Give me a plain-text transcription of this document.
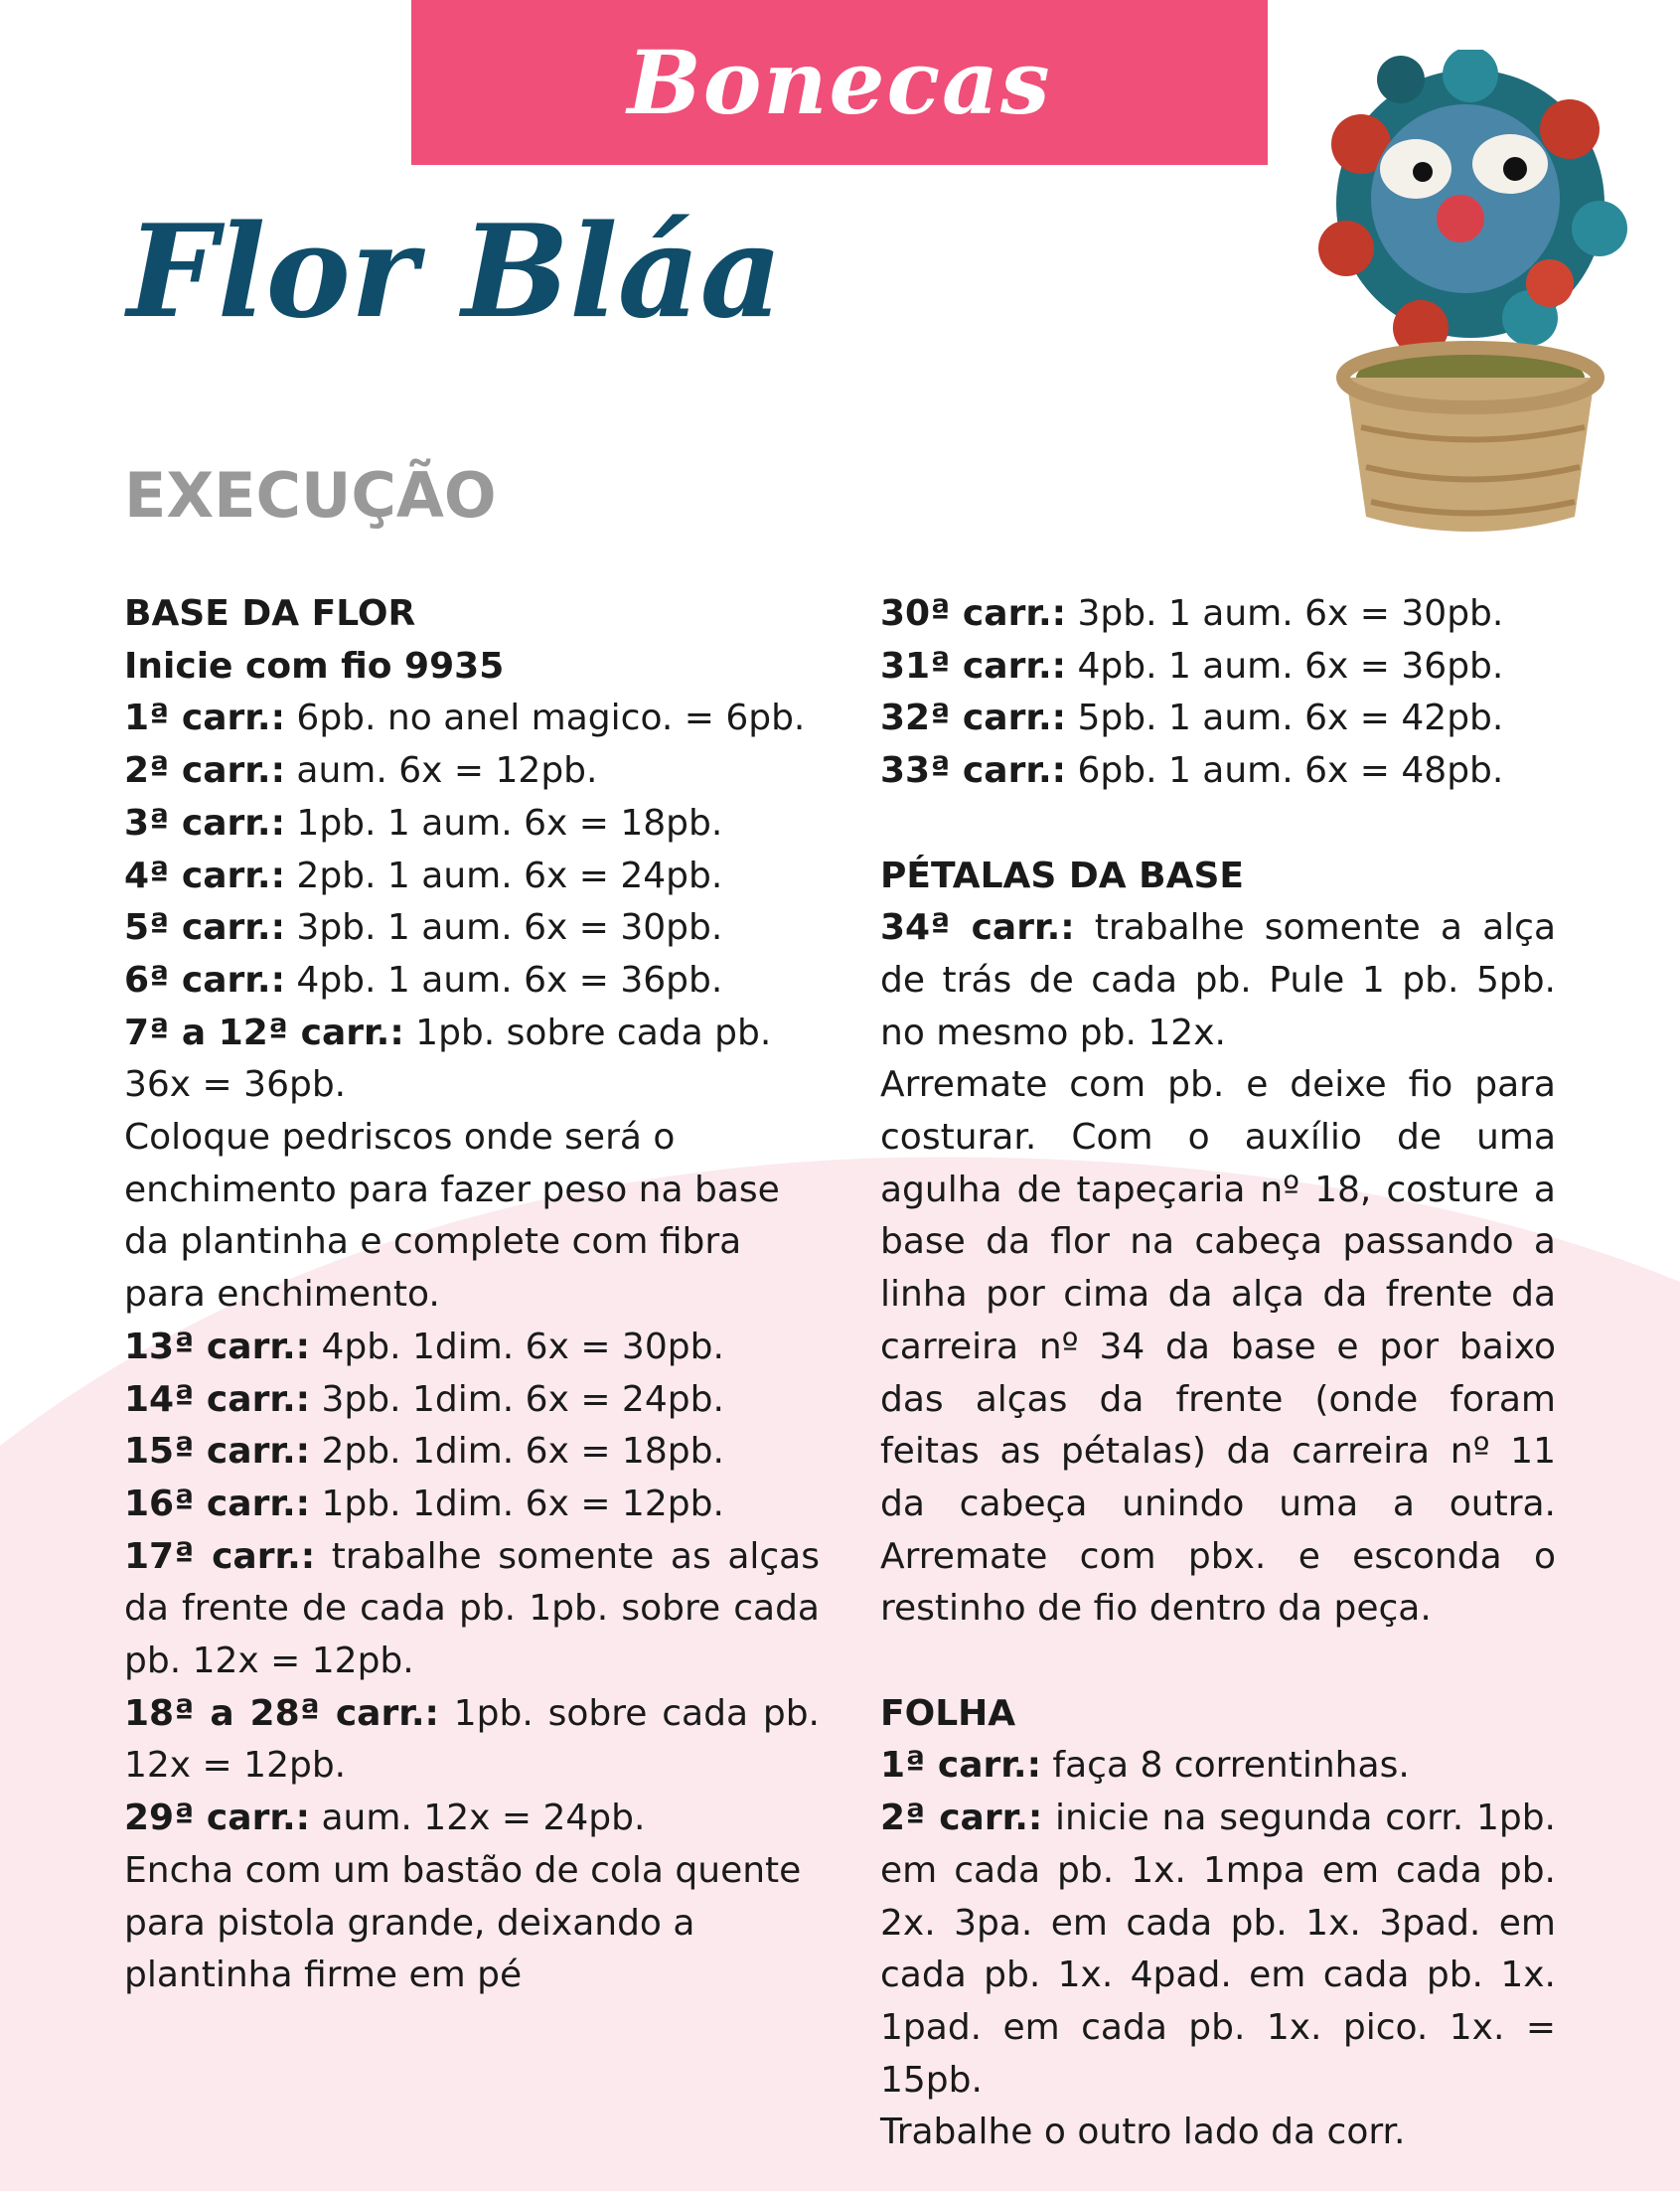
Bonecas
Flor Bláa
EXECUÇÃO

BASE DA FLOR

Inicie com fio 9935

1ª carr.: 6pb. no anel magico. = 6pb.

2ª carr.: aum. 6x = 12pb.

3ª carr.: 1pb. 1 aum. 6x = 18pb.

4ª carr.: 2pb. 1 aum. 6x = 24pb.

5ª carr.: 3pb. 1 aum. 6x = 30pb.

6ª carr.: 4pb. 1 aum. 6x = 36pb.

7ª a 12ª carr.: 1pb. sobre cada pb. 36x = 36pb.

Coloque pedriscos onde será o enchimento para fazer peso na base da plantinha e complete com fibra para enchimento.

13ª carr.: 4pb. 1dim. 6x = 30pb.

14ª carr.: 3pb. 1dim. 6x = 24pb.

15ª carr.: 2pb. 1dim. 6x = 18pb.

16ª carr.: 1pb. 1dim. 6x = 12pb.

17ª carr.: trabalhe somente as alças da frente de cada pb. 1pb. sobre cada pb. 12x = 12pb.

18ª a 28ª carr.: 1pb. sobre cada pb. 12x = 12pb.

29ª carr.: aum. 12x = 24pb.

Encha com um bastão de cola quente para pistola grande, deixando a plantinha firme em pé

30ª carr.: 3pb. 1 aum. 6x = 30pb.

31ª carr.: 4pb. 1 aum. 6x = 36pb.

32ª carr.: 5pb. 1 aum. 6x = 42pb.

33ª carr.: 6pb. 1 aum. 6x = 48pb.

PÉTALAS DA BASE

34ª carr.: trabalhe somente a alça de trás de cada pb. Pule 1 pb. 5pb. no mesmo pb. 12x.

Arremate com pb. e deixe fio para costurar. Com o auxílio de uma agulha de tapeçaria nº 18, costure a base da flor na cabeça passando a linha por cima da alça da frente da carreira nº 34 da base e por baixo das alças da frente (onde foram feitas as pétalas) da carreira nº 11 da cabeça unindo uma a outra. Arremate com pbx. e esconda o restinho de fio dentro da peça.

FOLHA

1ª carr.: faça 8 correntinhas.

2ª carr.: inicie na segunda corr. 1pb. em cada pb. 1x. 1mpa em cada pb. 2x. 3pa. em cada pb. 1x. 3pad. em cada pb. 1x. 4pad. em cada pb. 1x. 1pad. em cada pb. 1x. pico. 1x. = 15pb.

Trabalhe o outro lado da corr.
